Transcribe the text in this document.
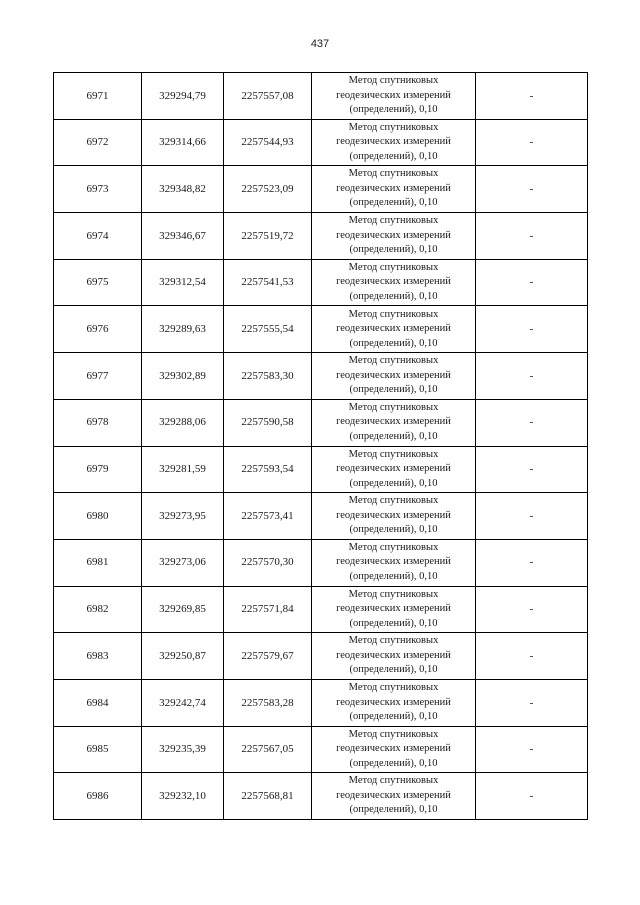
437
6971	329294,79	2257557,08	Метод спутниковых
геодезических измерений
(определений), 0,10	-
6972	329314,66	2257544,93	Метод спутниковых
геодезических измерений
(определений), 0,10	-
6973	329348,82	2257523,09	Метод спутниковых
геодезических измерений
(определений), 0,10	-
6974	329346,67	2257519,72	Метод спутниковых
геодезических измерений
(определений), 0,10	-
6975	329312,54	2257541,53	Метод спутниковых
геодезических измерений
(определений), 0,10	-
6976	329289,63	2257555,54	Метод спутниковых
геодезических измерений
(определений), 0,10	-
6977	329302,89	2257583,30	Метод спутниковых
геодезических измерений
(определений), 0,10	-
6978	329288,06	2257590,58	Метод спутниковых
геодезических измерений
(определений), 0,10	-
6979	329281,59	2257593,54	Метод спутниковых
геодезических измерений
(определений), 0,10	-
6980	329273,95	2257573,41	Метод спутниковых
геодезических измерений
(определений), 0,10	-
6981	329273,06	2257570,30	Метод спутниковых
геодезических измерений
(определений), 0,10	-
6982	329269,85	2257571,84	Метод спутниковых
геодезических измерений
(определений), 0,10	-
6983	329250,87	2257579,67	Метод спутниковых
геодезических измерений
(определений), 0,10	-
6984	329242,74	2257583,28	Метод спутниковых
геодезических измерений
(определений), 0,10	-
6985	329235,39	2257567,05	Метод спутниковых
геодезических измерений
(определений), 0,10	-
6986	329232,10	2257568,81	Метод спутниковых
геодезических измерений
(определений), 0,10	-
